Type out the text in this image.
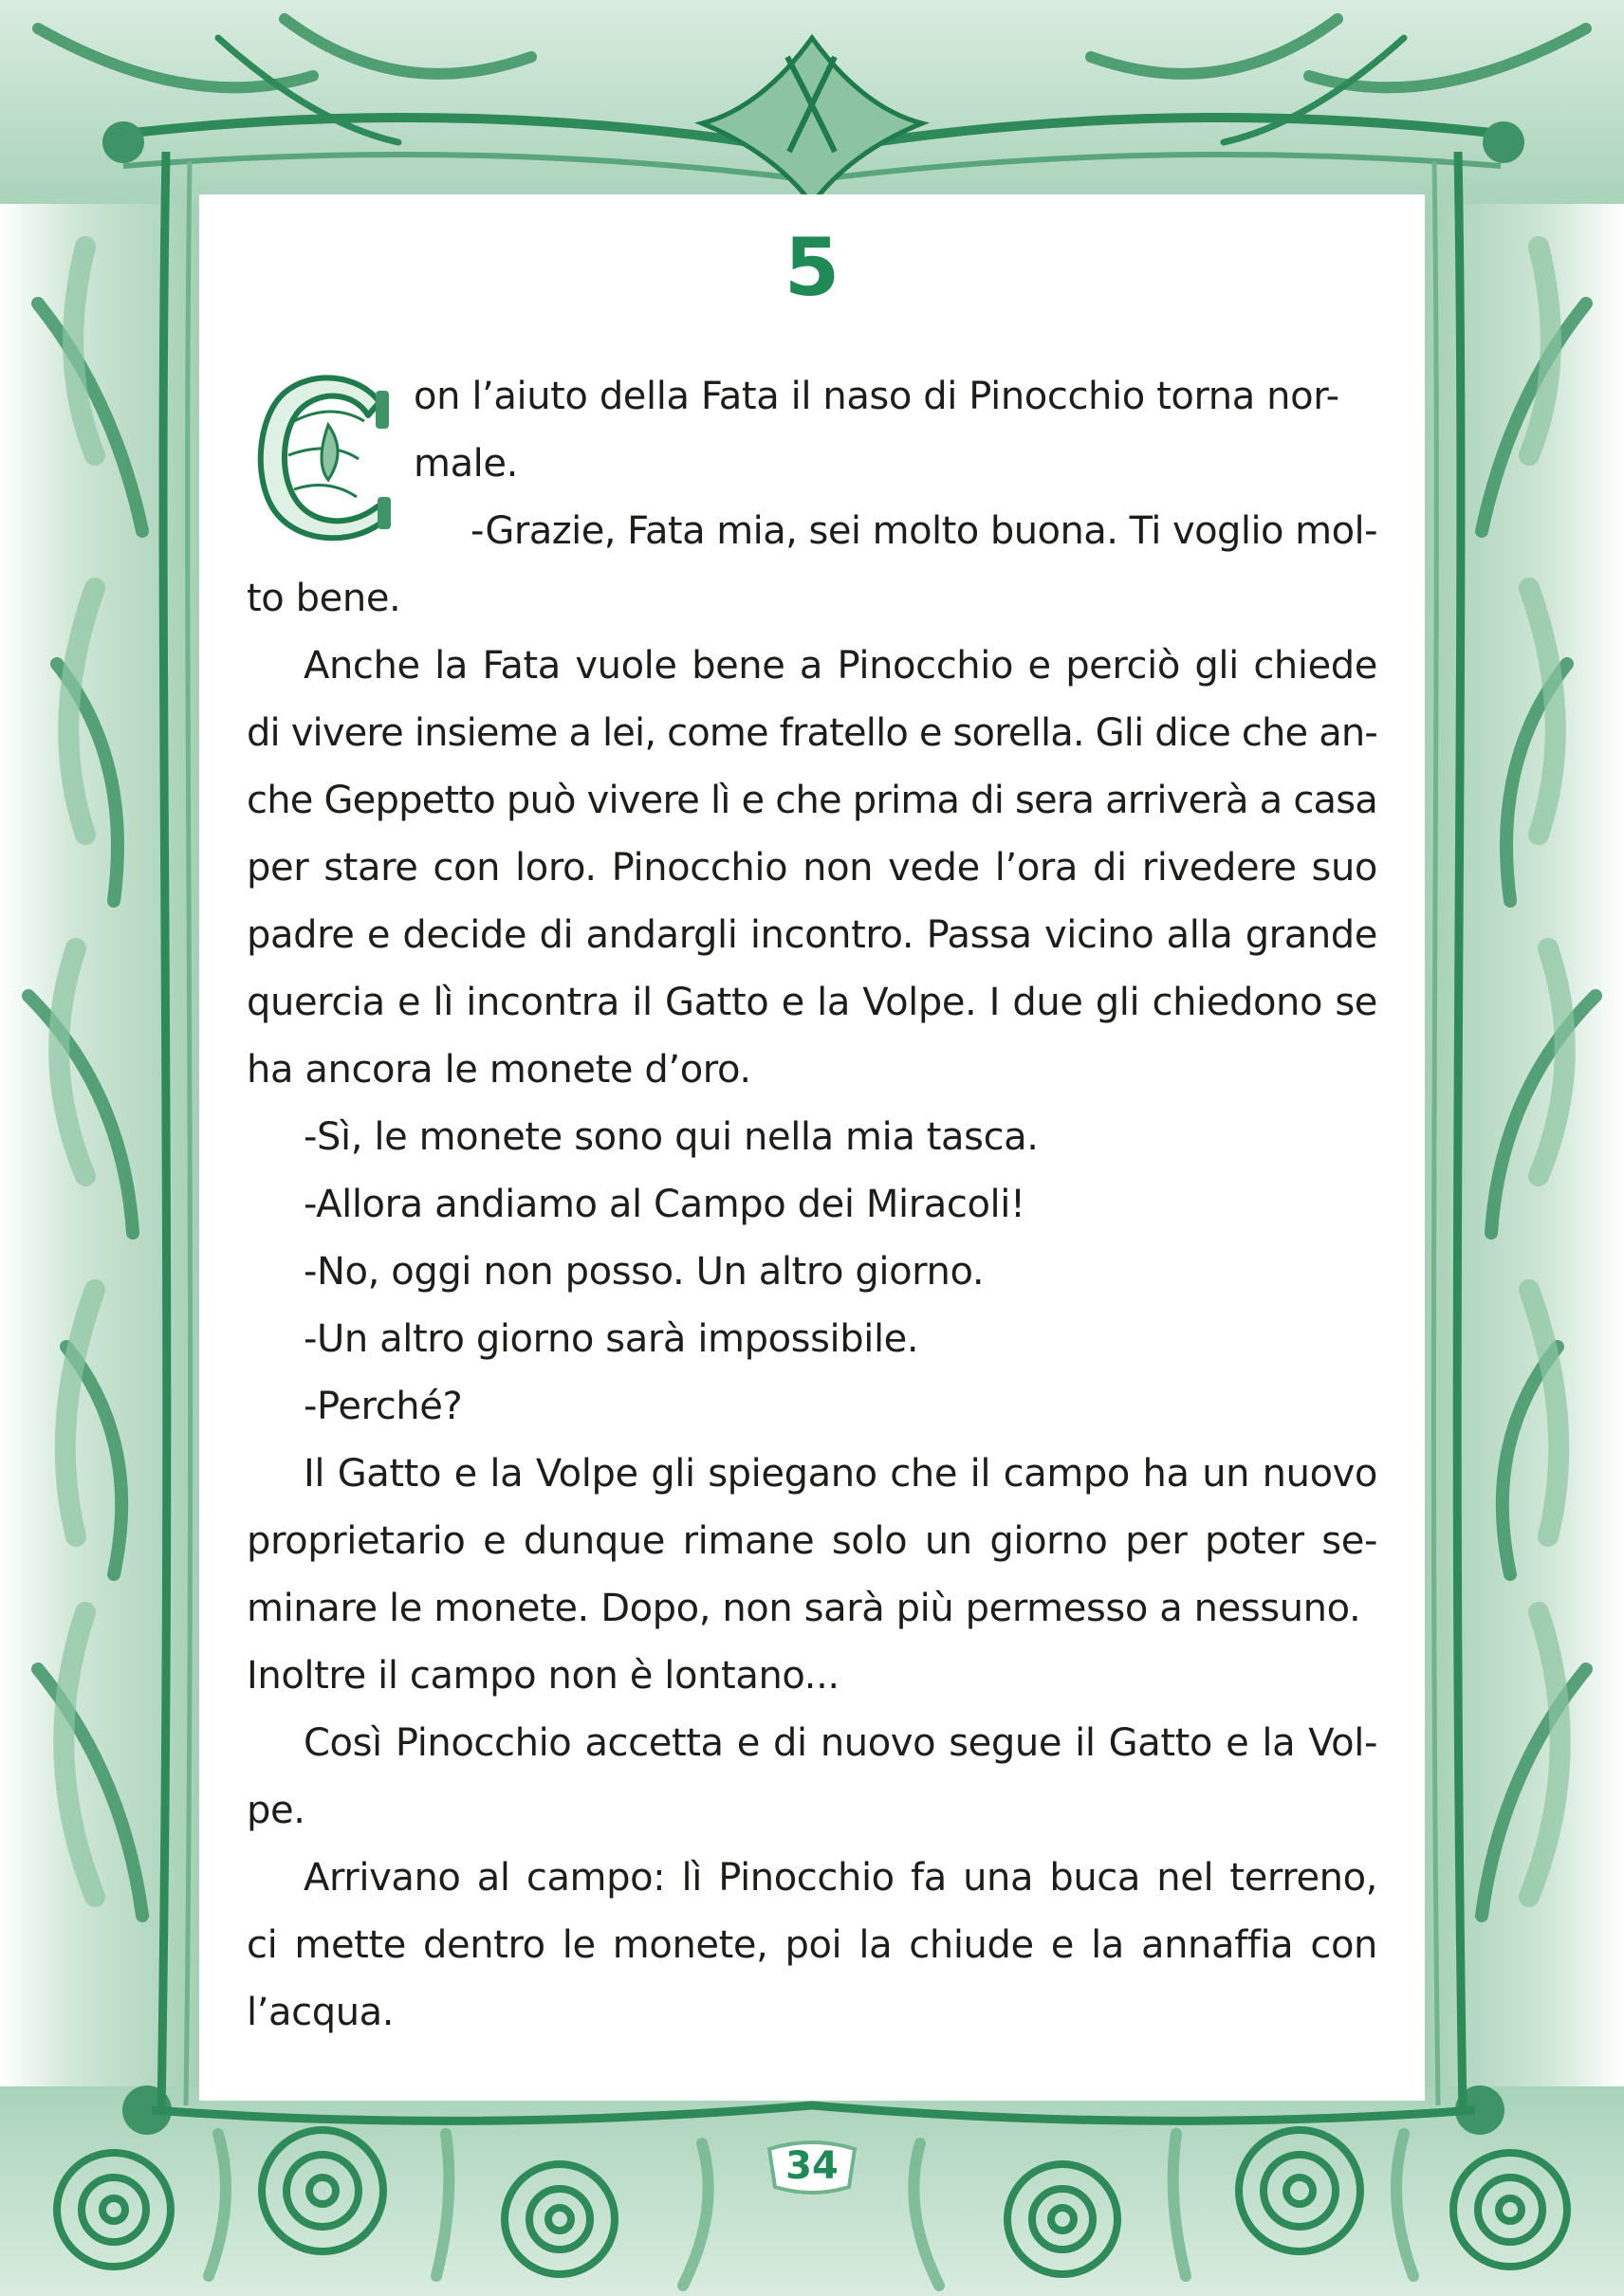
5
on l’aiuto della Fata il naso di Pinocchio torna nor-
male.
-Grazie, Fata mia, sei molto buona. Ti voglio mol-
to bene.
Anche la Fata vuole bene a Pinocchio e perciò gli chiede
di vivere insieme a lei, come fratello e sorella. Gli dice che an-
che Geppetto può vivere lì e che prima di sera arriverà a casa
per stare con loro. Pinocchio non vede l’ora di rivedere suo
padre e decide di andargli incontro. Passa vicino alla grande
quercia e lì incontra il Gatto e la Volpe. I due gli chiedono se
ha ancora le monete d’oro.
-Sì, le monete sono qui nella mia tasca.
-Allora andiamo al Campo dei Miracoli!
-No, oggi non posso. Un altro giorno.
-Un altro giorno sarà impossibile.
-Perché?
Il Gatto e la Volpe gli spiegano che il campo ha un nuovo
proprietario e dunque rimane solo un giorno per poter se-
minare le monete. Dopo, non sarà più permesso a nessuno.
Inoltre il campo non è lontano...
Così Pinocchio accetta e di nuovo segue il Gatto e la Vol-
pe.
Arrivano al campo: lì Pinocchio fa una buca nel terreno,
ci mette dentro le monete, poi la chiude e la annaffia con
l’acqua.
34
